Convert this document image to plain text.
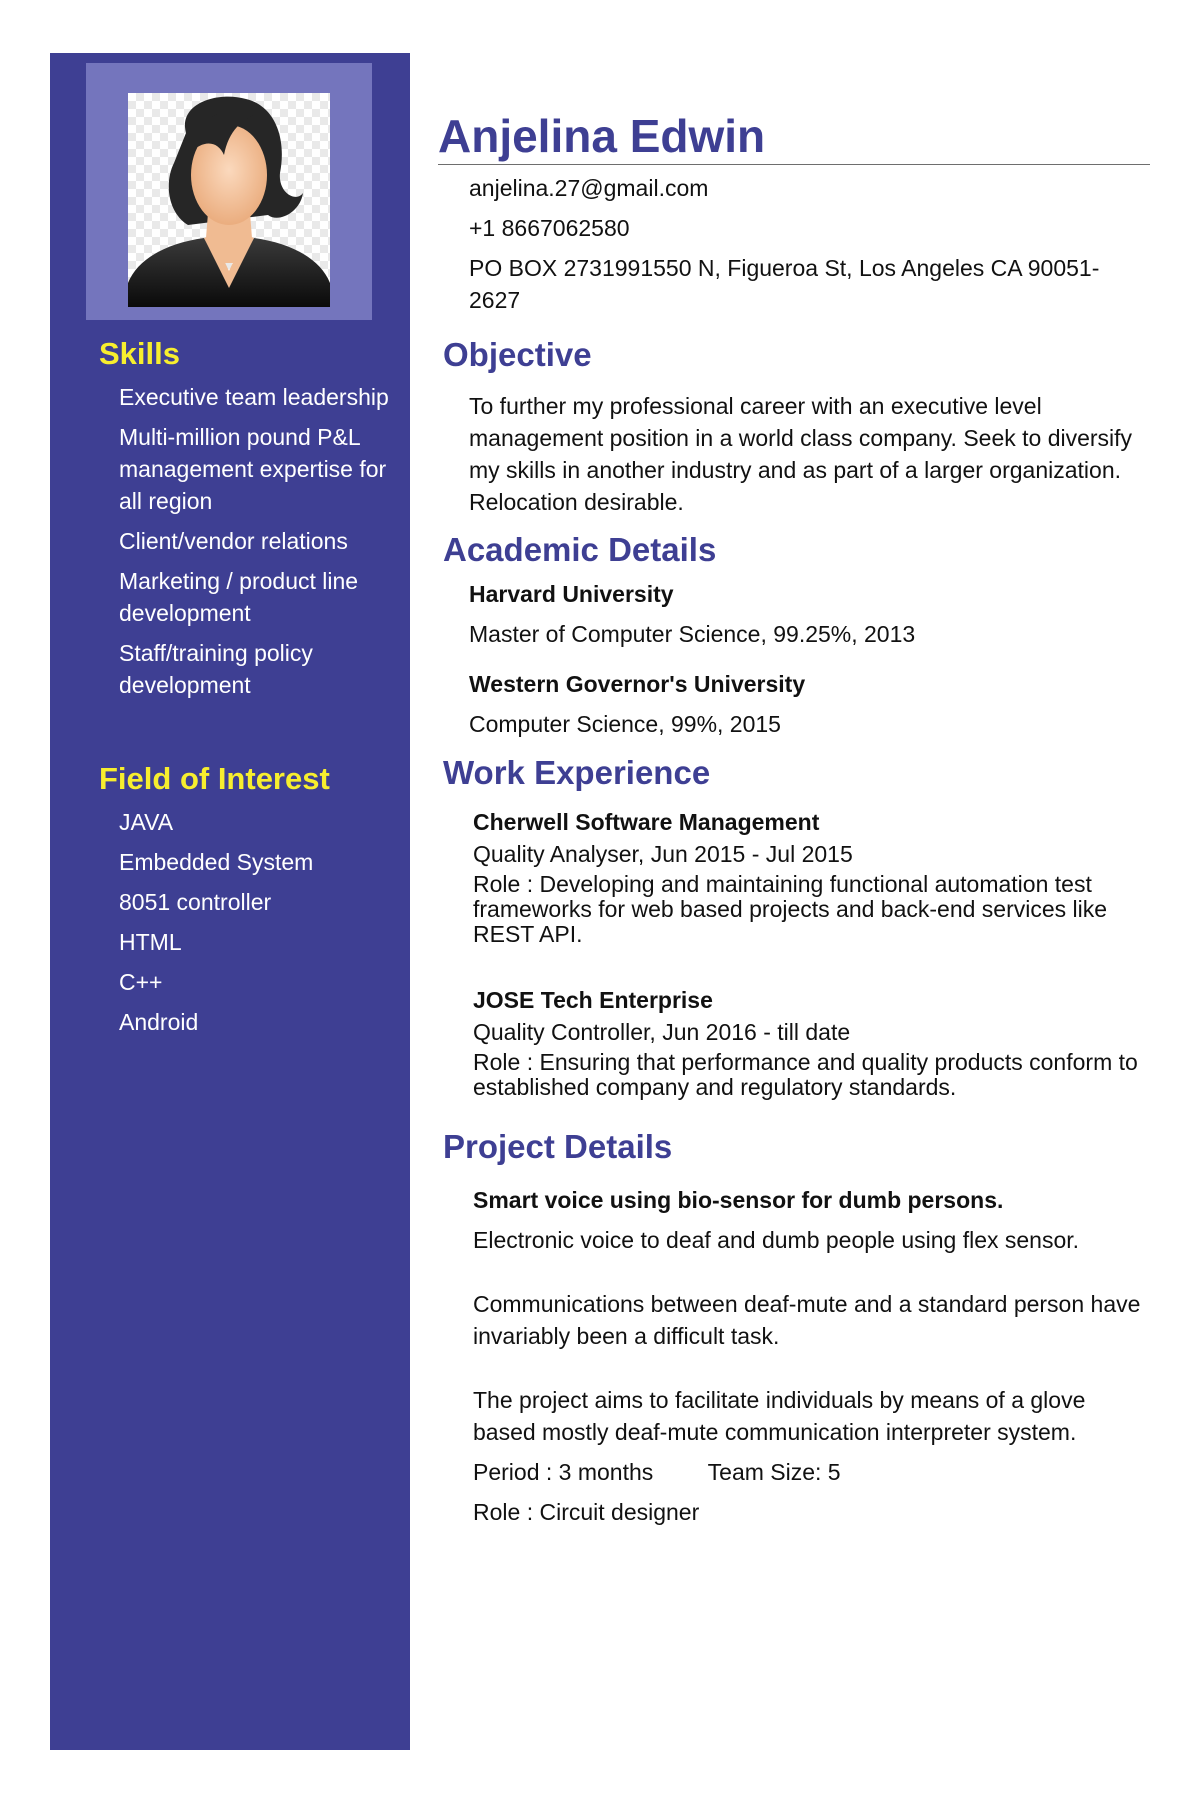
Skills
Executive team leadership
Multi-million pound P&L management expertise for all region
Client/vendor relations
Marketing / product line development
Staff/training policy development
Field of Interest
JAVA
Embedded System
8051 controller
HTML
C++
Android
Anjelina Edwin
anjelina.27@gmail.com
+1 8667062580
PO BOX 2731991550 N, Figueroa St, Los Angeles CA 90051-2627
Objective
To further my professional career with an executive level management position in a world class company. Seek to diversify my skills in another industry and as part of a larger organization. Relocation desirable.
Academic Details
Harvard University
Master of Computer Science, 99.25%, 2013
Western Governor's University
Computer Science, 99%, 2015
Work Experience
Cherwell Software Management
Quality Analyser, Jun 2015 - Jul 2015
Role : Developing and maintaining functional automation test frameworks for web based projects and back-end services like REST API.
JOSE Tech Enterprise
Quality Controller, Jun 2016 - till date
Role : Ensuring that performance and quality products conform to established company and regulatory standards.
Project Details
Smart voice using bio-sensor for dumb persons.
Electronic voice to deaf and dumb people using flex sensor.
Communications between deaf-mute and a standard person have invariably been a difficult task.
The project aims to facilitate individuals by means of a glove based mostly deaf-mute communication interpreter system.
Period : 3 months Team Size: 5
Role : Circuit designer
